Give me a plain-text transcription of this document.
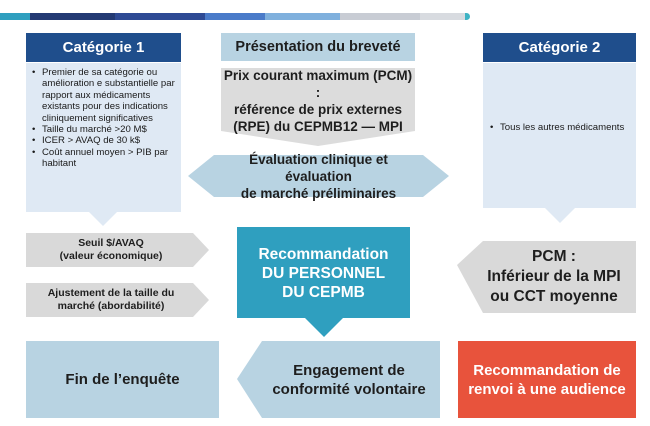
Catégorie 1	Catégorie 2
• Premier de sa catégorie ou amélioration e substantielle par rapport aux médicaments existants pour des indications cliniquement significatives
• Taille du marché >20 M$
• ICER > AVAQ de 30 k$
• Coût annuel moyen > PIB par habitant
• Tous les autres médicaments
Présentation du breveté
Prix courant maximum (PCM) :
référence de prix externes
(RPE) du CEPMB12 — MPI
Évaluation clinique et évaluation
de marché préliminaires
Recommandation
DU PERSONNEL
DU CEPMB
Seuil $/AVAQ
(valeur économique)
Ajustement de la taille du
marché (abordabilité)
PCM :
Inférieur de la MPI
ou CCT moyenne
Fin de l’enquête
Engagement de
conformité volontaire
Recommandation de
renvoi à une audience
